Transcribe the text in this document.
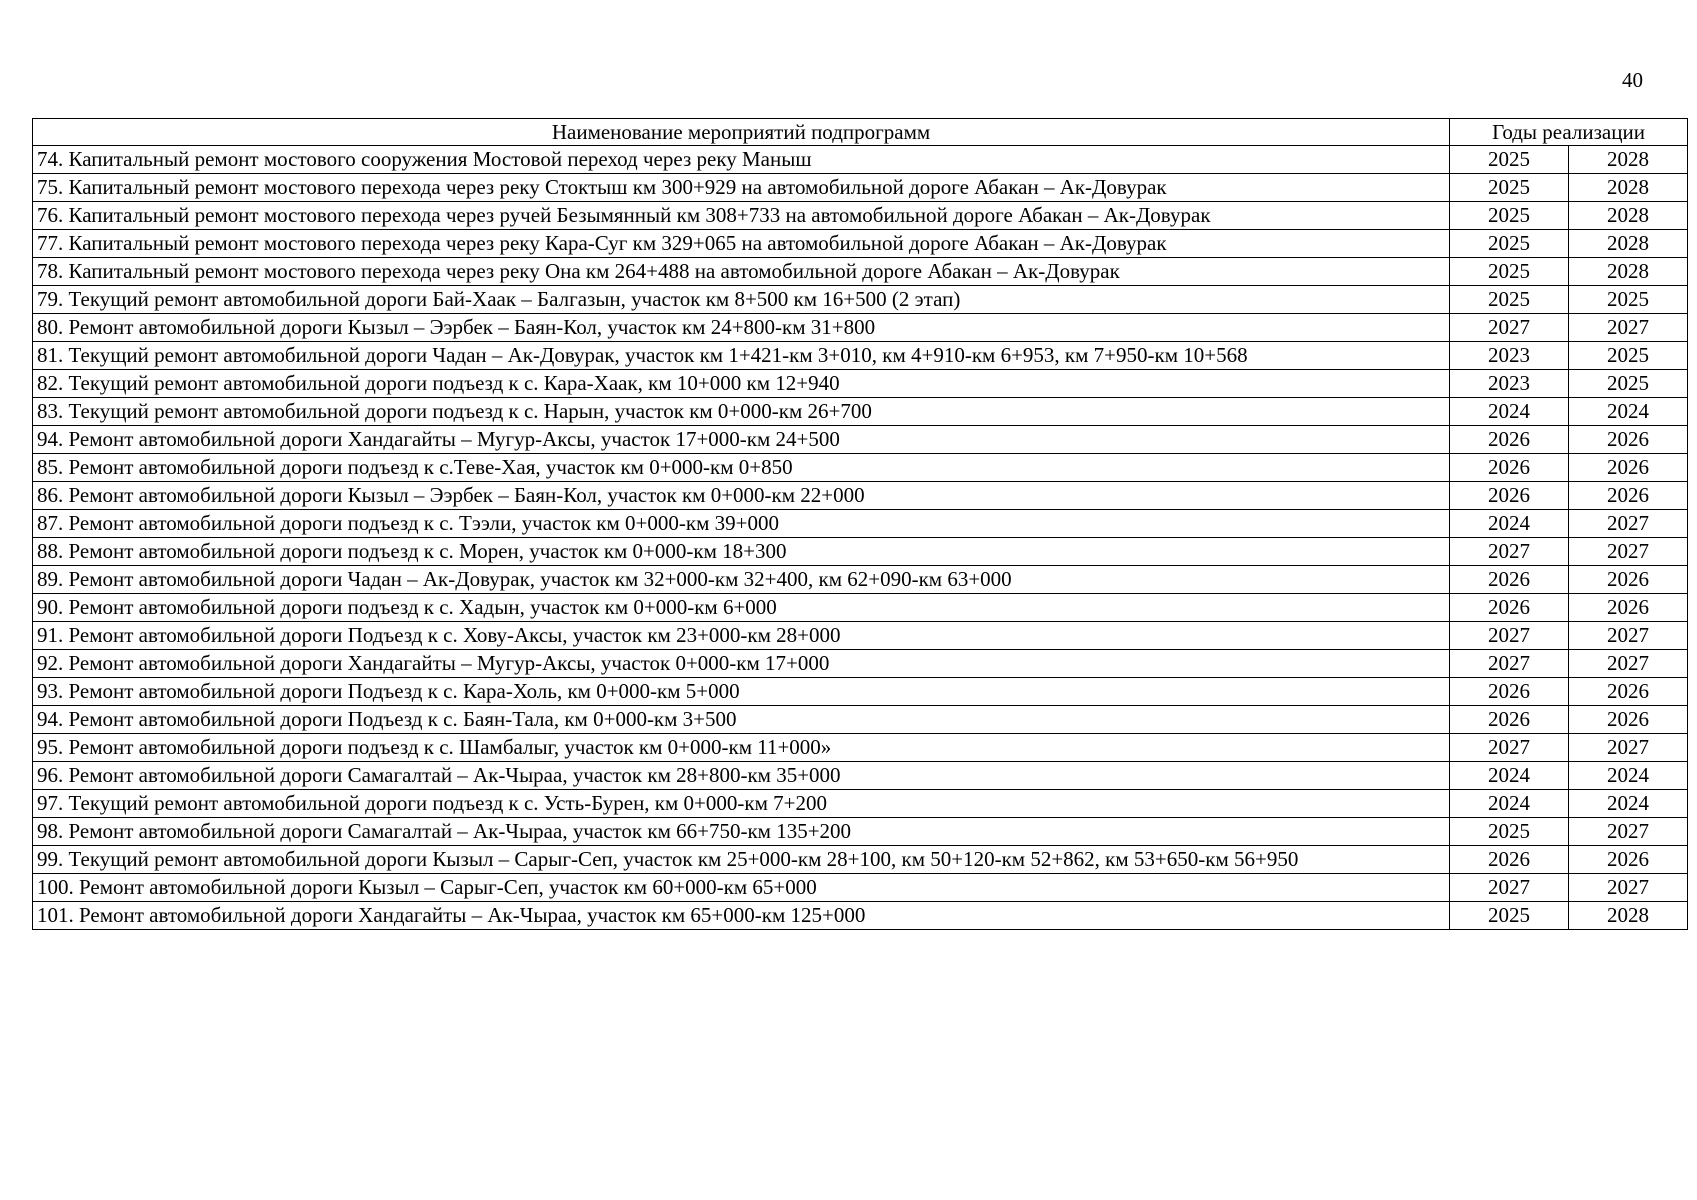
40
Наименование мероприятий подпрограмм	Годы реализации	
74. Капитальный ремонт мостового сооружения Мостовой переход через реку Маныш	2025	2028
75. Капитальный ремонт мостового перехода через реку Стоктыш км 300+929 на автомобильной дороге Абакан – Ак-Довурак	2025	2028
76. Капитальный ремонт мостового перехода через ручей Безымянный км 308+733 на автомобильной дороге Абакан – Ак-Довурак	2025	2028
77. Капитальный ремонт мостового перехода через реку Кара-Суг км 329+065 на автомобильной дороге Абакан – Ак-Довурак	2025	2028
78. Капитальный ремонт мостового перехода через реку Она км 264+488 на автомобильной дороге Абакан – Ак-Довурак	2025	2028
79. Текущий ремонт автомобильной дороги Бай-Хаак – Балгазын, участок км 8+500 км 16+500 (2 этап)	2025	2025
80. Ремонт автомобильной дороги Кызыл – Ээрбек – Баян-Кол, участок км 24+800-км 31+800	2027	2027
81. Текущий ремонт автомобильной дороги Чадан – Ак-Довурак, участок км 1+421-км 3+010, км 4+910-км 6+953, км 7+950-км 10+568	2023	2025
82. Текущий ремонт автомобильной дороги подъезд к с. Кара-Хаак, км 10+000 км 12+940	2023	2025
83. Текущий ремонт автомобильной дороги подъезд к с. Нарын, участок км 0+000-км 26+700	2024	2024
94. Ремонт автомобильной дороги Хандагайты – Мугур-Аксы, участок 17+000-км 24+500	2026	2026
85. Ремонт автомобильной дороги подъезд к с.Теве-Хая, участок км 0+000-км 0+850	2026	2026
86. Ремонт автомобильной дороги Кызыл – Ээрбек – Баян-Кол, участок км 0+000-км 22+000	2026	2026
87. Ремонт автомобильной дороги подъезд к с. Тээли, участок км 0+000-км 39+000	2024	2027
88. Ремонт автомобильной дороги подъезд к с. Морен, участок км 0+000-км 18+300	2027	2027
89. Ремонт автомобильной дороги Чадан – Ак-Довурак, участок км 32+000-км 32+400, км 62+090-км 63+000	2026	2026
90. Ремонт автомобильной дороги подъезд к с. Хадын, участок км 0+000-км 6+000	2026	2026
91. Ремонт автомобильной дороги Подъезд к с. Хову-Аксы, участок км 23+000-км 28+000	2027	2027
92. Ремонт автомобильной дороги Хандагайты – Мугур-Аксы, участок 0+000-км 17+000	2027	2027
93. Ремонт автомобильной дороги Подъезд к с. Кара-Холь, км 0+000-км 5+000	2026	2026
94. Ремонт автомобильной дороги Подъезд к с. Баян-Тала, км 0+000-км 3+500	2026	2026
95. Ремонт автомобильной дороги подъезд к с. Шамбалыг, участок км 0+000-км 11+000»	2027	2027
96. Ремонт автомобильной дороги Самагалтай – Ак-Чыраа, участок км 28+800-км 35+000	2024	2024
97. Текущий ремонт автомобильной дороги подъезд к с. Усть-Бурен, км 0+000-км 7+200	2024	2024
98. Ремонт автомобильной дороги Самагалтай – Ак-Чыраа, участок км 66+750-км 135+200	2025	2027
99. Текущий ремонт автомобильной дороги Кызыл – Сарыг-Сеп, участок км 25+000-км 28+100, км 50+120-км 52+862, км 53+650-км 56+950	2026	2026
100. Ремонт автомобильной дороги Кызыл – Сарыг-Сеп, участок км 60+000-км 65+000	2027	2027
101. Ремонт автомобильной дороги Хандагайты – Ак-Чыраа, участок км 65+000-км 125+000	2025	2028
